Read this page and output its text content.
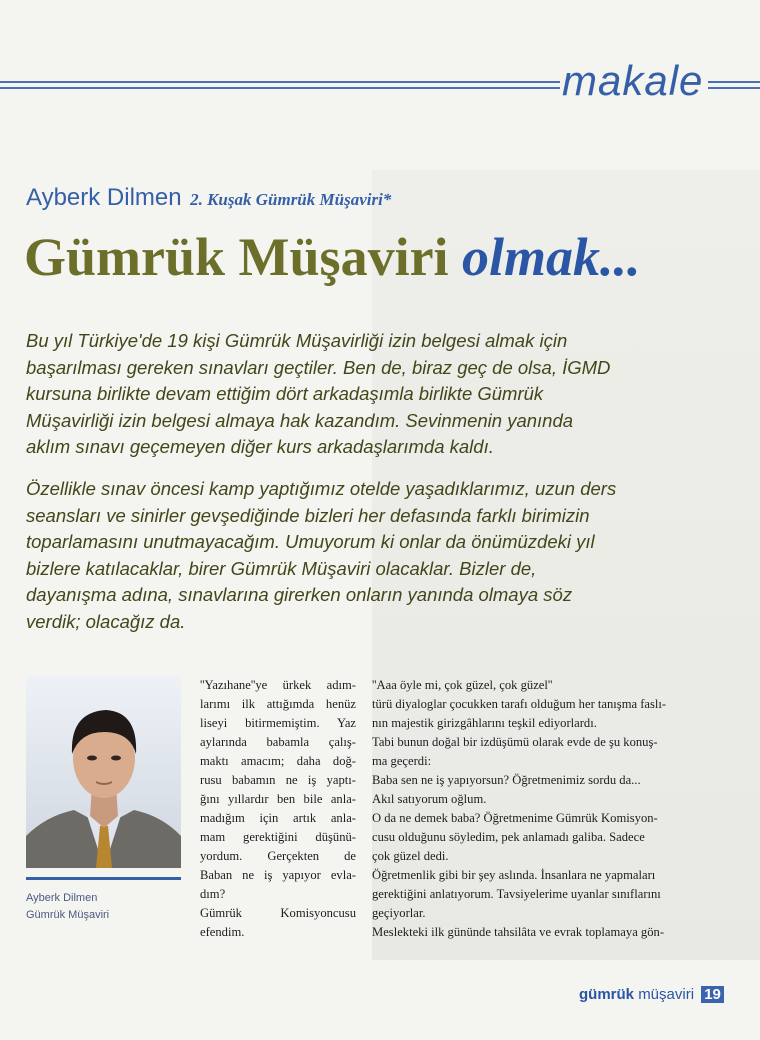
makale
Ayberk Dilmen 2. Kuşak Gümrük Müşaviri*
Gümrük Müşaviri olmak...

Bu yıl Türkiye'de 19 kişi Gümrük Müşavirliği izin belgesi almak için
başarılması gereken sınavları geçtiler. Ben de, biraz geç de olsa, İGMD
kursuna birlikte devam ettiğim dört arkadaşımla birlikte Gümrük
Müşavirliği izin belgesi almaya hak kazandım. Sevinmenin yanında
aklım sınavı geçemeyen diğer kurs arkadaşlarımda kaldı.

Özellikle sınav öncesi kamp yaptığımız otelde yaşadıklarımız, uzun ders
seansları ve sinirler gevşediğinde bizleri her defasında farklı birimizin
toparlamasını unutmayacağım. Umuyorum ki onlar da önümüzdeki yıl
bizlere katılacaklar, birer Gümrük Müşaviri olacaklar. Bizler de,
dayanışma adına, sınavlarına girerken onların yanında olmaya söz
verdik; olacağız da.

Ayberk Dilmen
Gümrük Müşaviri
''Yazıhane''ye ürkek adım-
larımı ilk attığımda henüz
liseyi bitirmemiştim. Yaz
aylarında babamla çalış-
maktı amacım; daha doğ-
rusu babamın ne iş yaptı-
ğını yıllardır ben bile anla-
madığım için artık anla-
mam gerektiğini düşünü-
yordum. Gerçekten de
Baban ne iş yapıyor evla-
dım?
Gümrük Komisyoncusu
efendim.
''Aaa öyle mi, çok güzel, çok güzel''
türü diyaloglar çocukken tarafı olduğum her tanışma faslı-
nın majestik girizgâhlarını teşkil ediyorlardı.
Tabi bunun doğal bir izdüşümü olarak evde de şu konuş-
ma geçerdi:
Baba sen ne iş yapıyorsun? Öğretmenimiz sordu da...
Akıl satıyorum oğlum.
O da ne demek baba? Öğretmenime Gümrük Komisyon-
cusu olduğunu söyledim, pek anlamadı galiba. Sadece
çok güzel dedi.
Öğretmenlik gibi bir şey aslında. İnsanlara ne yapmaları
gerektiğini anlatıyorum. Tavsiyelerime uyanlar sınıflarını
geçiyorlar.
Meslekteki ilk gününde tahsilâta ve evrak toplamaya gön-
gümrük müşaviri 19
